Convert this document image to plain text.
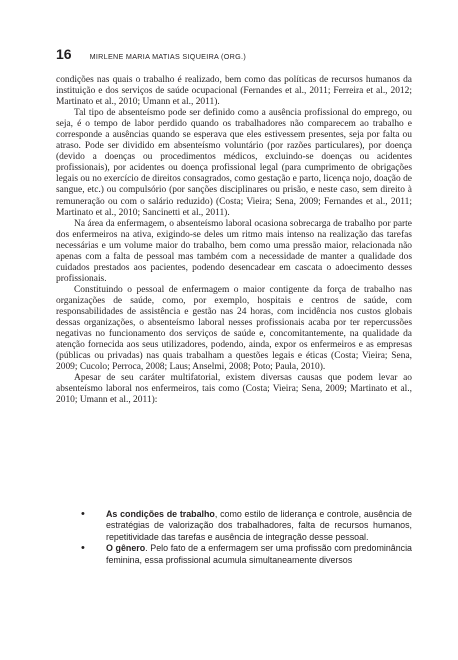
16	MIRLENE MARIA MATIAS SIQUEIRA (ORG.)

condições nas quais o trabalho é realizado, bem como das políticas de recursos humanos da instituição e dos serviços de saúde ocupacional (Fernandes et al., 2011; Ferreira et al., 2012; Martinato et al., 2010; Umann et al., 2011).

Tal tipo de absenteísmo pode ser definido como a ausência profissional do emprego, ou seja, é o tempo de labor perdido quando os trabalhadores não comparecem ao trabalho e corresponde a ausências quando se esperava que eles estivessem presentes, seja por falta ou atraso. Pode ser dividido em absenteísmo voluntário (por razões particulares), por doença (devido a doenças ou procedimentos médicos, excluindo-se doenças ou acidentes profissionais), por acidentes ou doença profissional legal (para cumprimento de obrigações legais ou no exercício de direitos consagrados, como gestação e parto, licença nojo, doação de sangue, etc.) ou compulsório (por sanções disciplinares ou prisão, e neste caso, sem direito à remuneração ou com o salário reduzido) (Costa; Vieira; Sena, 2009; Fernandes et al., 2011; Martinato et al., 2010; Sancinetti et al., 2011).

Na área da enfermagem, o absenteísmo laboral ocasiona sobrecarga de trabalho por parte dos enfermeiros na ativa, exigindo-se deles um ritmo mais intenso na realização das tarefas necessárias e um volume maior do trabalho, bem como uma pressão maior, relacionada não apenas com a falta de pessoal mas também com a necessidade de manter a qualidade dos cuidados prestados aos pacientes, podendo desencadear em cascata o adoecimento desses profissionais.

Constituindo o pessoal de enfermagem o maior contigente da força de trabalho nas organizações de saúde, como, por exemplo, hospitais e centros de saúde, com responsabilidades de assistência e gestão nas 24 horas, com incidência nos custos globais dessas organizações, o absenteísmo laboral nesses profissionais acaba por ter repercussões negativas no funcionamento dos serviços de saúde e, concomitantemente, na qualidade da atenção fornecida aos seus utilizadores, podendo, ainda, expor os enfermeiros e as empresas (públicas ou privadas) nas quais trabalham a questões legais e éticas (Costa; Vieira; Sena, 2009; Cucolo; Perroca, 2008; Laus; Anselmi, 2008; Poto; Paula, 2010).

Apesar de seu caráter multifatorial, existem diversas causas que podem levar ao absenteísmo laboral nos enfermeiros, tais como (Costa; Vieira; Sena, 2009; Martinato et al., 2010; Umann et al., 2011):

• As condições de trabalho, como estilo de liderança e controle, ausência de estratégias de valorização dos trabalhadores, falta de recursos humanos, repetitividade das tarefas e ausência de integração desse pessoal.
• O gênero. Pelo fato de a enfermagem ser uma profissão com predominância feminina, essa profissional acumula simultaneamente diversos
